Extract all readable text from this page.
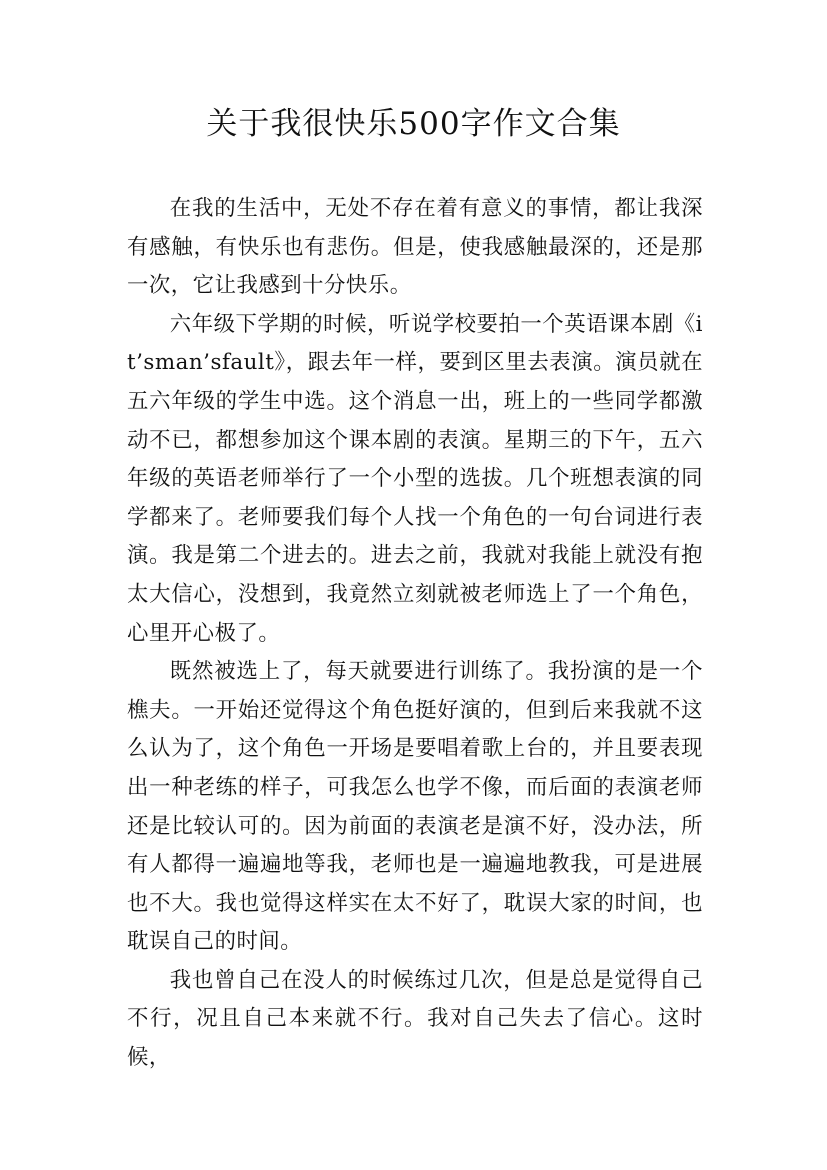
关于我很快乐500字作文合集

在我的生活中，无处不存在着有意义的事情，都让我深有感触，有快乐也有悲伤。但是，使我感触最深的，还是那一次，它让我感到十分快乐。

六年级下学期的时候，听说学校要拍一个英语课本剧《it’sman’sfault》，跟去年一样，要到区里去表演。演员就在五六年级的学生中选。这个消息一出，班上的一些同学都激动不已，都想参加这个课本剧的表演。星期三的下午，五六年级的英语老师举行了一个小型的选拔。几个班想表演的同学都来了。老师要我们每个人找一个角色的一句台词进行表演。我是第二个进去的。进去之前，我就对我能上就没有抱太大信心，没想到，我竟然立刻就被老师选上了一个角色，心里开心极了。

既然被选上了，每天就要进行训练了。我扮演的是一个樵夫。一开始还觉得这个角色挺好演的，但到后来我就不这么认为了，这个角色一开场是要唱着歌上台的，并且要表现出一种老练的样子，可我怎么也学不像，而后面的表演老师还是比较认可的。因为前面的表演老是演不好，没办法，所有人都得一遍遍地等我，老师也是一遍遍地教我，可是进展也不大。我也觉得这样实在太不好了，耽误大家的时间，也耽误自己的时间。

我也曾自己在没人的时候练过几次，但是总是觉得自己不行，况且自己本来就不行。我对自己失去了信心。这时候，
